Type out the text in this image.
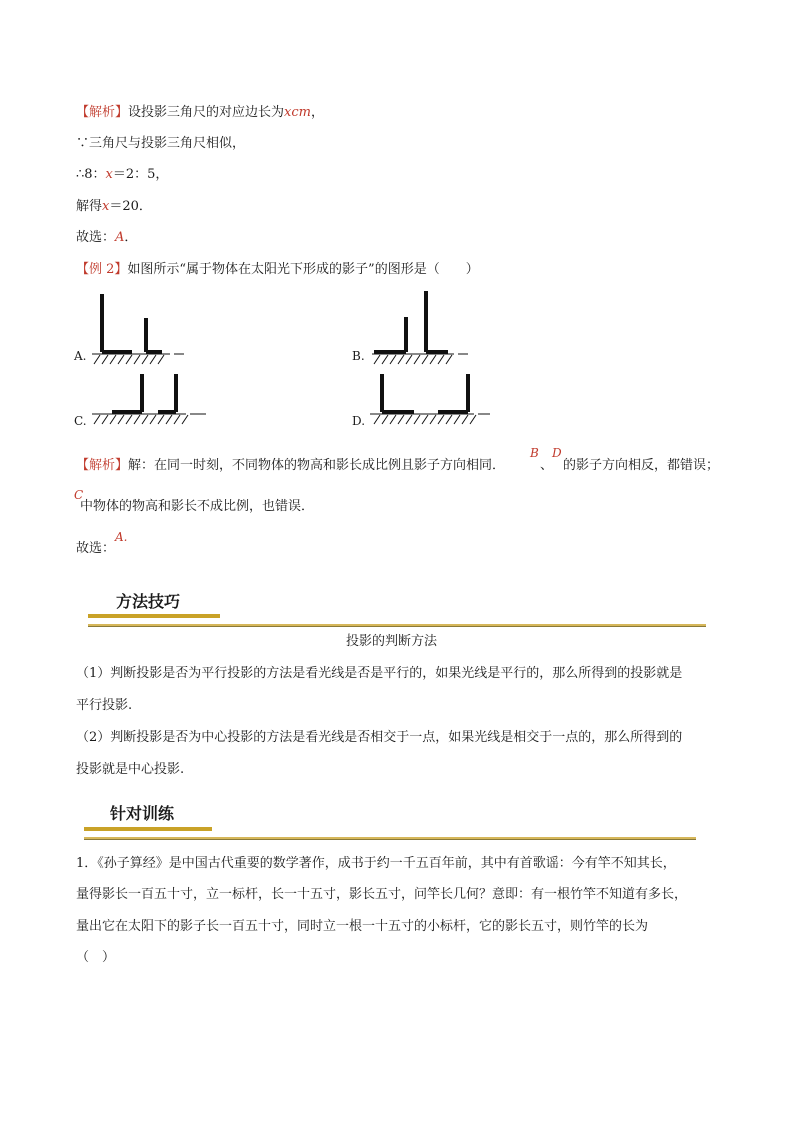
【解析】设投影三角尺的对应边长为xcm，
∵三角尺与投影三角尺相似，
∴8：x＝2：5，
解得x＝20．
故选：A．
【例 2】如图所示“属于物体在太阳光下形成的影子”的图形是（　　）
A.	B.
C.	D.
【解析】解：在同一时刻，不同物体的物高和影长成比例且影子方向相同．
B
、
D
的影子方向相反，都错误；
C
中物体的物高和影长不成比例，也错误．
故选：
A.
方法技巧
投影的判断方法
（1）判断投影是否为平行投影的方法是看光线是否是平行的，如果光线是平行的，那么所得到的投影就是
平行投影.
（2）判断投影是否为中心投影的方法是看光线是否相交于一点，如果光线是相交于一点的，那么所得到的
投影就是中心投影.
针对训练
1．《孙子算经》是中国古代重要的数学著作，成书于约一千五百年前，其中有首歌谣：今有竿不知其长，
量得影长一百五十寸，立一标杆，长一十五寸，影长五寸，问竿长几何？意即：有一根竹竿不知道有多长，
量出它在太阳下的影子长一百五十寸，同时立一根一十五寸的小标杆，它的影长五寸，则竹竿的长为
（　）
